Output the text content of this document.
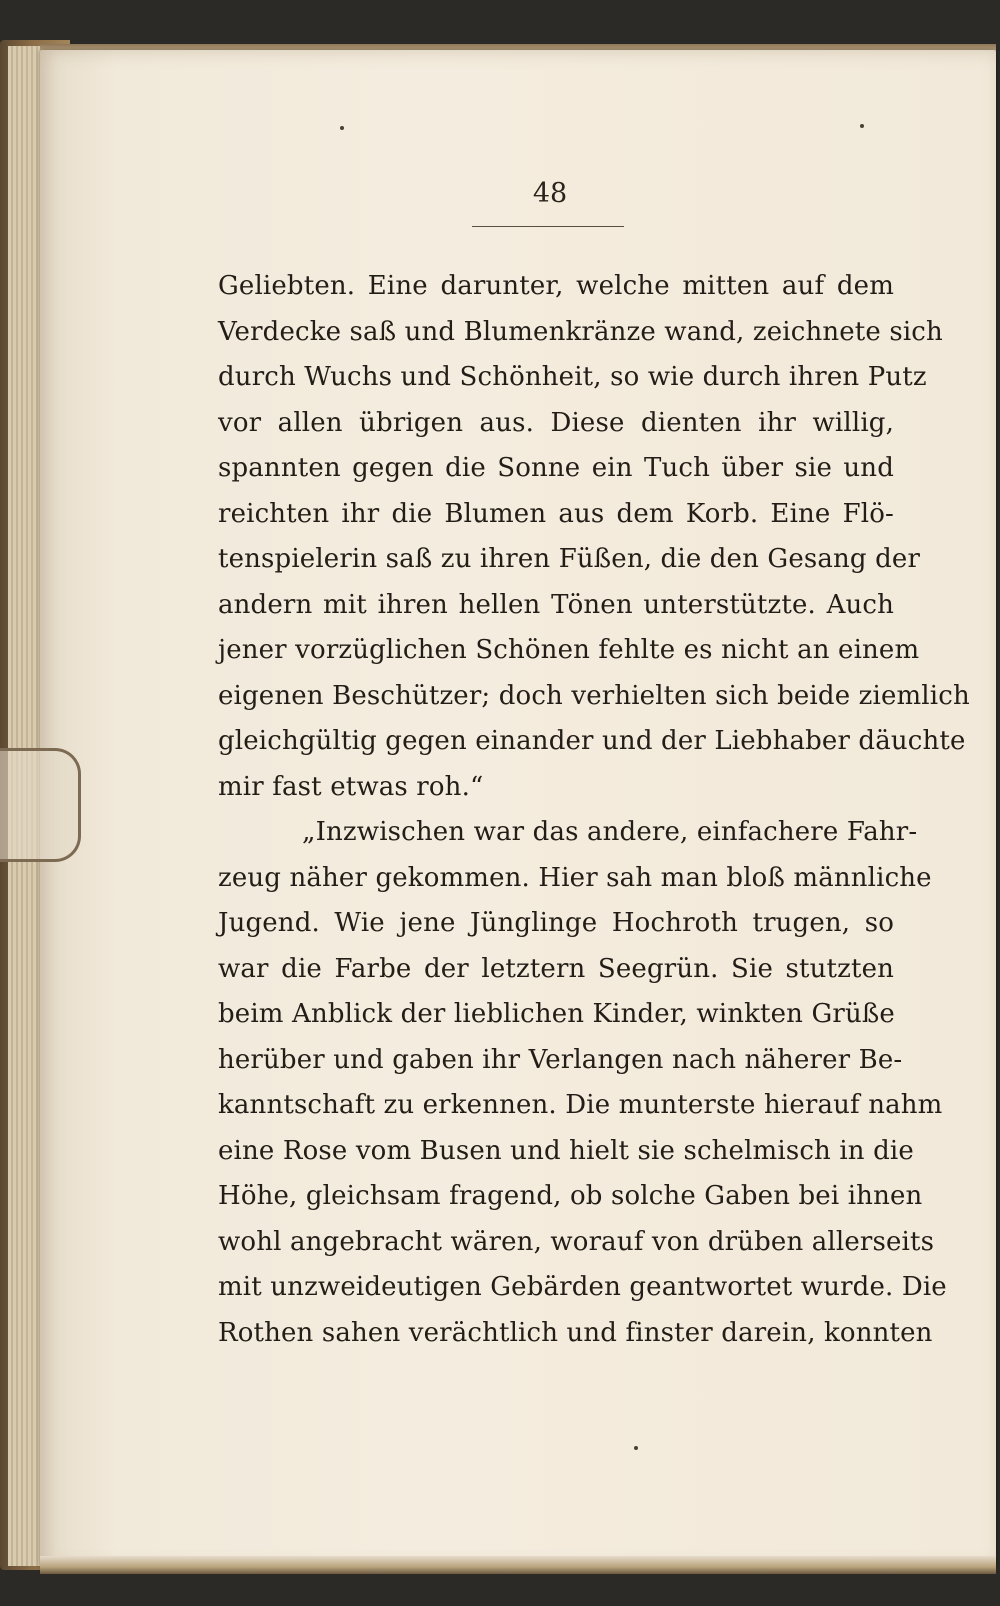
48
Geliebten. Eine darunter, welche mitten auf dem
Verdecke saß und Blumenkränze wand, zeichnete sich
durch Wuchs und Schönheit, so wie durch ihren Putz
vor allen übrigen aus. Diese dienten ihr willig,
spannten gegen die Sonne ein Tuch über sie und
reichten ihr die Blumen aus dem Korb. Eine Flö-
tenspielerin saß zu ihren Füßen, die den Gesang der
andern mit ihren hellen Tönen unterstützte. Auch
jener vorzüglichen Schönen fehlte es nicht an einem
eigenen Beschützer; doch verhielten sich beide ziemlich
gleichgültig gegen einander und der Liebhaber däuchte
mir fast etwas roh.“
„Inzwischen war das andere, einfachere Fahr-
zeug näher gekommen. Hier sah man bloß männliche
Jugend. Wie jene Jünglinge Hochroth trugen, so
war die Farbe der letztern Seegrün. Sie stutzten
beim Anblick der lieblichen Kinder, winkten Grüße
herüber und gaben ihr Verlangen nach näherer Be-
kanntschaft zu erkennen. Die munterste hierauf nahm
eine Rose vom Busen und hielt sie schelmisch in die
Höhe, gleichsam fragend, ob solche Gaben bei ihnen
wohl angebracht wären, worauf von drüben allerseits
mit unzweideutigen Gebärden geantwortet wurde. Die
Rothen sahen verächtlich und finster darein, konnten
